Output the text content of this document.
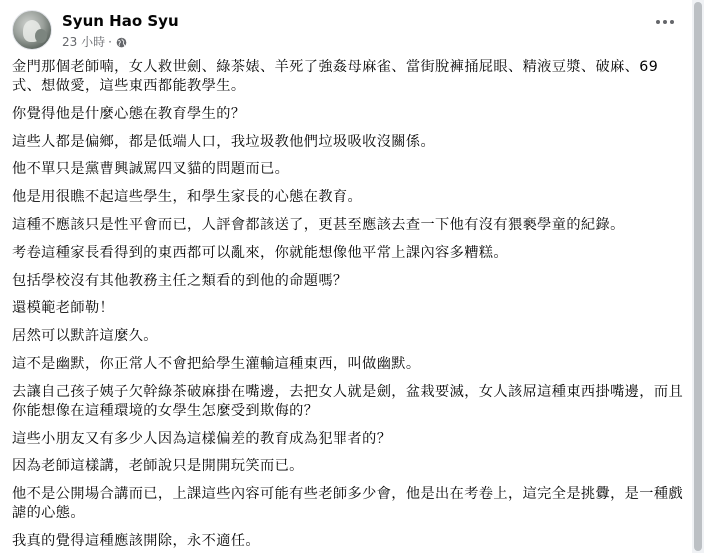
Syun Hao Syu
23 小時 ·

金門那個老師喃，女人救世劍、綠茶婊、羊死了強姦母麻雀、當街脫褲捅屁眼、精液豆漿、破麻、69式、想做愛，這些東西都能教學生。

你覺得他是什麼心態在教育學生的？

這些人都是偏鄉，都是低端人口，我垃圾教他們垃圾吸收沒關係。

他不單只是黨曹興誠罵四叉貓的問題而已。

他是用很瞧不起這些學生，和學生家長的心態在教育。

這種不應該只是性平會而已，人評會都該送了，更甚至應該去查一下他有沒有猥褻學童的紀錄。

考卷這種家長看得到的東西都可以亂來，你就能想像他平常上課內容多糟糕。

包括學校沒有其他教務主任之類看的到他的命題嗎？

還模範老師勒！

居然可以默許這麼久。

這不是幽默，你正常人不會把給學生灌輸這種東西，叫做幽默。

去讓自己孩子姨子欠幹綠茶破麻掛在嘴邊，去把女人就是劍，盆栽要滅，女人該屌這種東西掛嘴邊，而且你能想像在這種環境的女學生怎麼受到欺侮的？

這些小朋友又有多少人因為這樣偏差的教育成為犯罪者的？

因為老師這樣講，老師說只是開開玩笑而已。

他不是公開場合講而已，上課這些內容可能有些老師多少會，他是出在考卷上，這完全是挑釁，是一種戲謔的心態。

我真的覺得這種應該開除，永不適任。
